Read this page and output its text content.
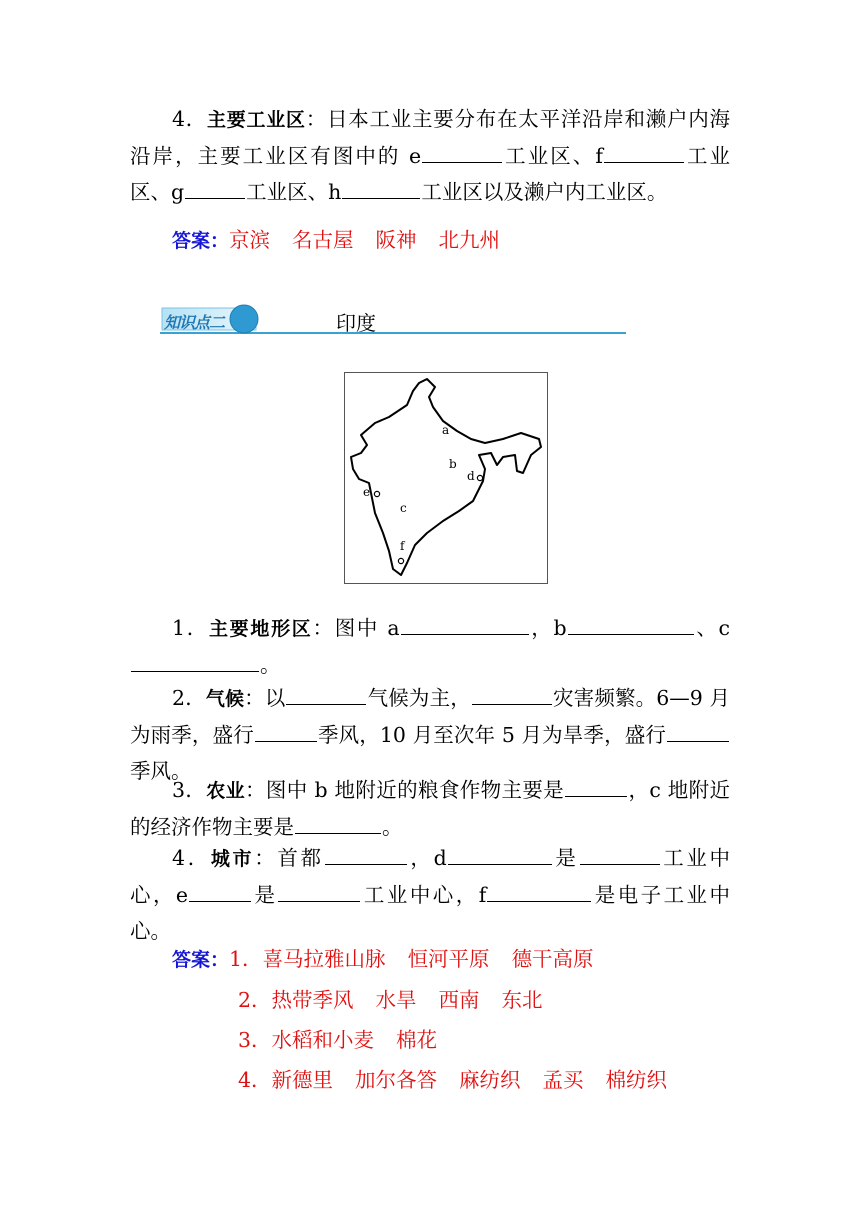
4．主要工业区：日本工业主要分布在太平洋沿岸和濑户内海沿岸，主要工业区有图中的 e	工业区、f	工业区、g	工业区、h	工业区以及濑户内工业区。
答案：京滨 名古屋 阪神 北九州
知识点二	印度
a
b
c
d
e
f
1．主要地形区：图中 a	，b	、c。
2．气候：以	气候为主，	灾害频繁。6—9 月为雨季，盛行	季风，10 月至次年 5 月为旱季，盛行季风。
3．农业：图中 b 地附近的粮食作物主要是	，c 地附近的经济作物主要是	。
4．城市：首都	，d	是	工业中心，e	是	工业中心，f	是电子工业中心。
答案：1．喜马拉雅山脉 恒河平原 德干高原
2．热带季风 水旱 西南 东北
3．水稻和小麦 棉花
4．新德里 加尔各答 麻纺织 孟买 棉纺织
